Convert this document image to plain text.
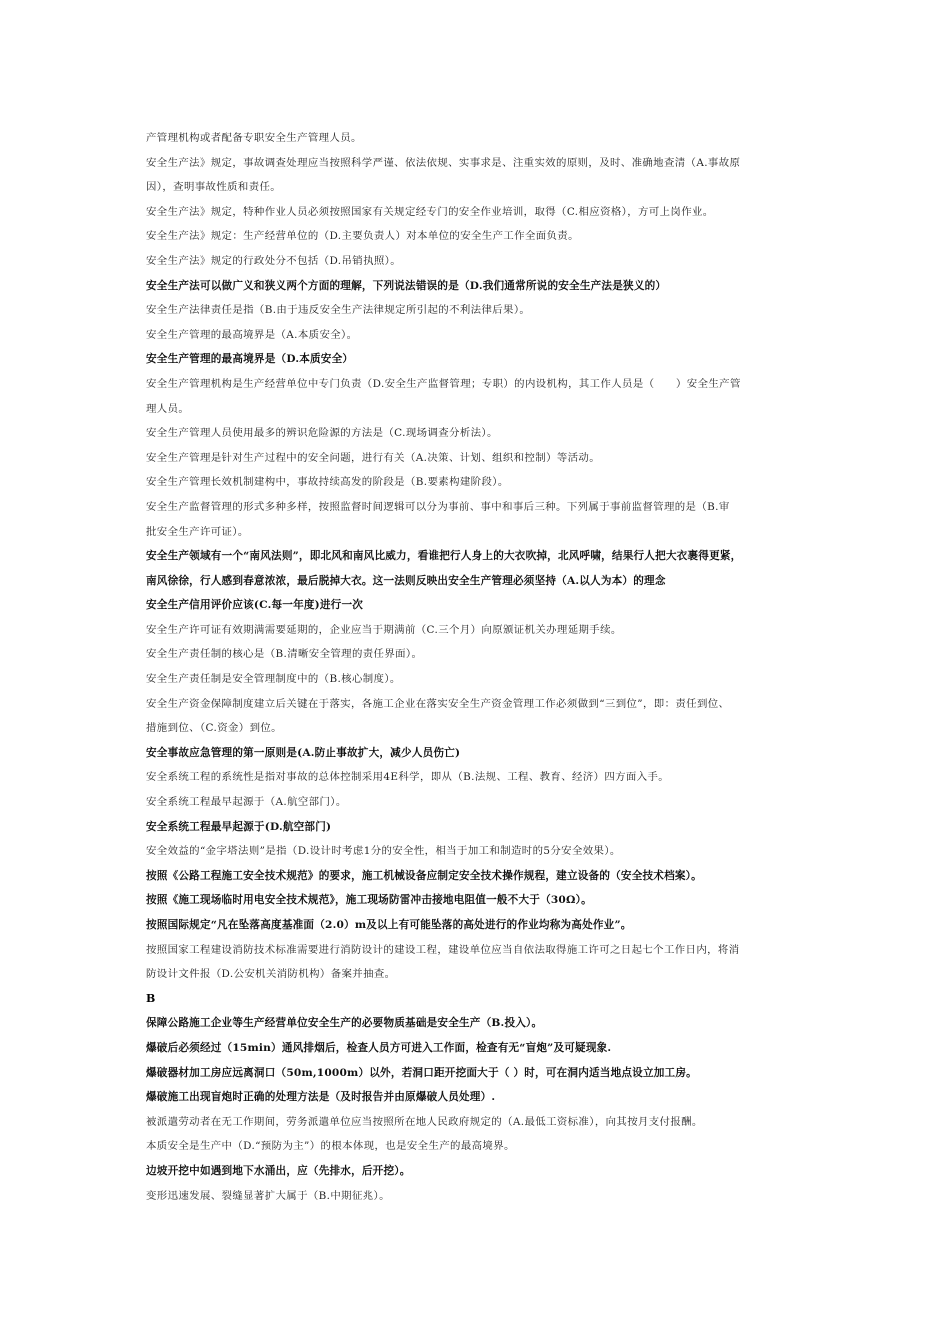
产管理机构或者配备专职安全生产管理人员。
安全生产法》规定，事故调查处理应当按照科学严谨、依法依规、实事求是、注重实效的原则，及时、准确地查清（A.事故原
因），查明事故性质和责任。
安全生产法》规定，特种作业人员必须按照国家有关规定经专门的安全作业培训，取得（C.相应资格），方可上岗作业。
安全生产法》规定：生产经营单位的（D.主要负责人）对本单位的安全生产工作全面负责。
安全生产法》规定的行政处分不包括（D.吊销执照）。
安全生产法可以做广义和狭义两个方面的理解，下列说法错误的是（D.我们通常所说的安全生产法是狭义的）
安全生产法律责任是指（B.由于违反安全生产法律规定所引起的不利法律后果）。
安全生产管理的最高境界是（A.本质安全）。
安全生产管理的最高境界是（D.本质安全）
安全生产管理机构是生产经营单位中专门负责（D.安全生产监督管理；专职）的内设机构，其工作人员是（　　）安全生产管
理人员。
安全生产管理人员使用最多的辨识危险源的方法是（C.现场调查分析法）。
安全生产管理是针对生产过程中的安全问题，进行有关（A.决策、计划、组织和控制）等活动。
安全生产管理长效机制建构中，事故持续高发的阶段是（B.要素构建阶段）。
安全生产监督管理的形式多种多样，按照监督时间逻辑可以分为事前、事中和事后三种。下列属于事前监督管理的是（B.审
批安全生产许可证）。
安全生产领域有一个“南风法则”，即北风和南风比威力，看谁把行人身上的大衣吹掉，北风呼啸，结果行人把大衣裹得更紧，
南风徐徐，行人感到春意浓浓，最后脱掉大衣。这一法则反映出安全生产管理必须坚持（A.以人为本）的理念
安全生产信用评价应该(C.每一年度)进行一次
安全生产许可证有效期满需要延期的，企业应当于期满前（C.三个月）向原颁证机关办理延期手续。
安全生产责任制的核心是（B.清晰安全管理的责任界面）。
安全生产责任制是安全管理制度中的（B.核心制度）。
安全生产资金保障制度建立后关键在于落实，各施工企业在落实安全生产资金管理工作必须做到“三到位”，即：责任到位、
措施到位、（C.资金）到位。
安全事故应急管理的第一原则是(A.防止事故扩大，减少人员伤亡)
安全系统工程的系统性是指对事故的总体控制采用4E科学，即从（B.法规、工程、教育、经济）四方面入手。
安全系统工程最早起源于（A.航空部门）。
安全系统工程最早起源于(D.航空部门)
安全效益的“金字塔法则”是指（D.设计时考虑1分的安全性，相当于加工和制造时的5分安全效果）。
按照《公路工程施工安全技术规范》的要求，施工机械设备应制定安全技术操作规程，建立设备的（安全技术档案）。
按照《施工现场临时用电安全技术规范》，施工现场防雷冲击接地电阻值一般不大于（30Ω）。
按照国际规定“凡在坠落高度基准面（2.0）m及以上有可能坠落的高处进行的作业均称为高处作业”。
按照国家工程建设消防技术标准需要进行消防设计的建设工程，建设单位应当自依法取得施工许可之日起七个工作日内，将消
防设计文件报（D.公安机关消防机构）备案并抽查。
B
保障公路施工企业等生产经营单位安全生产的必要物质基础是安全生产（B.投入）。
爆破后必须经过（15min）通风排烟后，检查人员方可进入工作面，检查有无“盲炮”及可疑现象.
爆破器材加工房应远离洞口（50m,1000m）以外，若洞口距开挖面大于（ ）时，可在洞内适当地点设立加工房。
爆破施工出现盲炮时正确的处理方法是（及时报告并由原爆破人员处理）.
被派遣劳动者在无工作期间，劳务派遣单位应当按照所在地人民政府规定的（A.最低工资标准），向其按月支付报酬。
本质安全是生产中（D.“预防为主”）的根本体现，也是安全生产的最高境界。
边坡开挖中如遇到地下水涌出，应（先排水，后开挖）。
变形迅速发展、裂缝显著扩大属于（B.中期征兆）。
